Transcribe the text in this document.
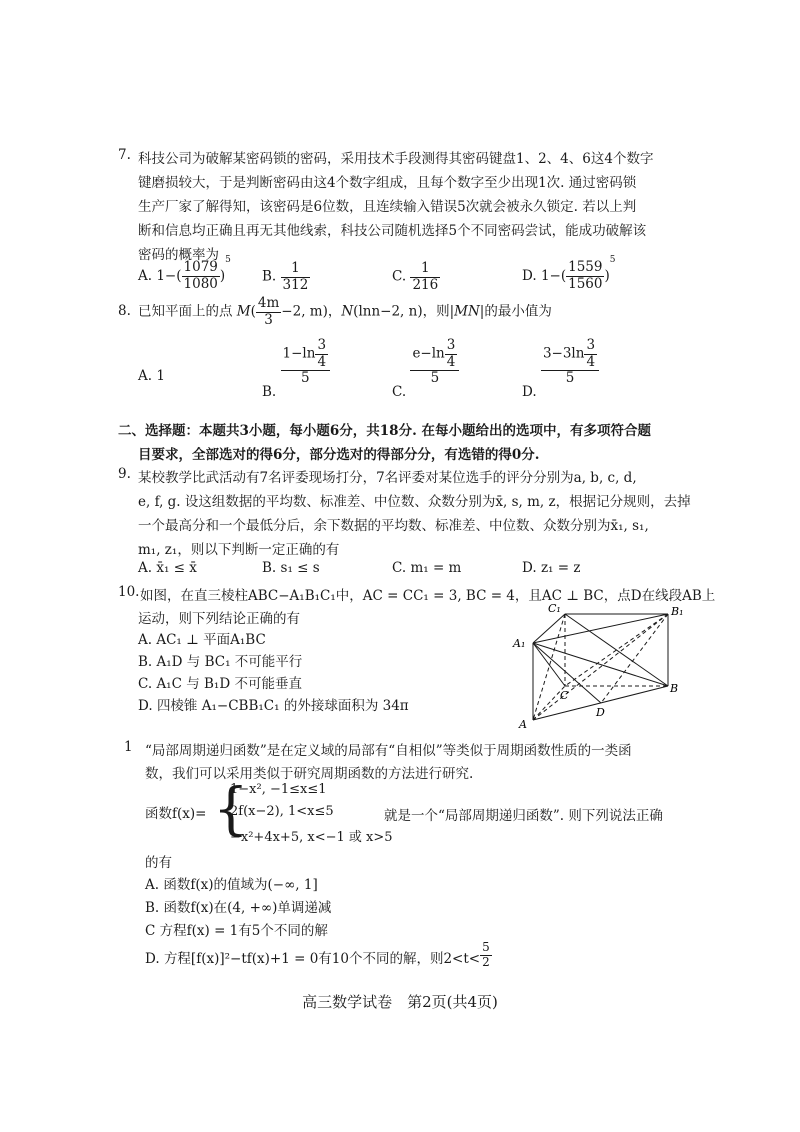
7. 科技公司为破解某密码锁的密码，采用技术手段测得其密码键盘1、2、4、6这4个数字
键磨损较大，于是判断密码由这4个数字组成，且每个数字至少出现1次. 通过密码锁
生产厂家了解得知，该密码是6位数，且连续输入错误5次就会被永久锁定. 若以上判
断和信息均正确且再无其他线索，科技公司随机选择5个不同密码尝试，能成功破解该
密码的概率为
A. $1-( \frac{1079}{1080} )^5$
B. $\frac{1}{312}$	C. $\frac{1}{216}$	D. $1-( \frac{1559}{1560} )^5$
8. 已知平面上的点 $M( \frac{4m}{3} -2$, m)，N(lnn−2, n)，则|MN|的最小值为
A. 1
B.
$\frac{1-\ln \frac{3}{4}}{5}$
C.
$\frac{e-\ln \frac{3}{4}}{5}$
D.
$\frac{3-3\ln \frac{3}{4}}{5}$
二、选择题：本题共3小题，每小题6分，共18分. 在每小题给出的选项中，有多项符合题
目要求，全部选对的得6分，部分选对的得部分分，有选错的得0分.
9. 某校教学比武活动有7名评委现场打分，7名评委对某位选手的评分分别为a, b, c, d,
e, f, g. 设这组数据的平均数、标准差、中位数、众数分别为x̄, s, m, z，根据记分规则，去掉
一个最高分和一个最低分后，余下数据的平均数、标准差、中位数、众数分别为x̄₁, s₁,
m₁, z₁，则以下判断一定正确的有
A. x̄₁ ≤ x̄	B. s₁ ≤ s	C. m₁ = m	D. z₁ = z
10. 如图，在直三棱柱ABC−A₁B₁C₁中，AC = CC₁ = 3, BC = 4，且AC ⊥ BC，点D在线段AB上
运动，则下列结论正确的有
A. AC₁ ⊥ 平面A₁BC
B. A₁D 与 BC₁ 不可能平行
C. A₁C 与 B₁D 不可能垂直
D. 四棱锥 A₁−CBB₁C₁ 的外接球面积为 34π
C₁	B₁
A₁
C
B
D
A
1 “局部周期递归函数”是在定义域的局部有“自相似”等类似于周期函数性质的一类函
数，我们可以采用类似于研究周期函数的方法进行研究.
函数f(x)= {
1−x², −1≤x≤1
2f(x−2), 1<x≤5
−x²+4x+5, x<−1 或 x>5
就是一个“局部周期递归函数”. 则下列说法正确
的有
A. 函数f(x)的值域为(−∞, 1]
B. 函数f(x)在(4, +∞)单调递减
C 方程f(x) = 1有5个不同的解
D. 方程[f(x)]²−tf(x)+1 = 0有10个不同的解，则$2<t< \frac{5}{2}$
高三数学试卷　第2页(共4页)
